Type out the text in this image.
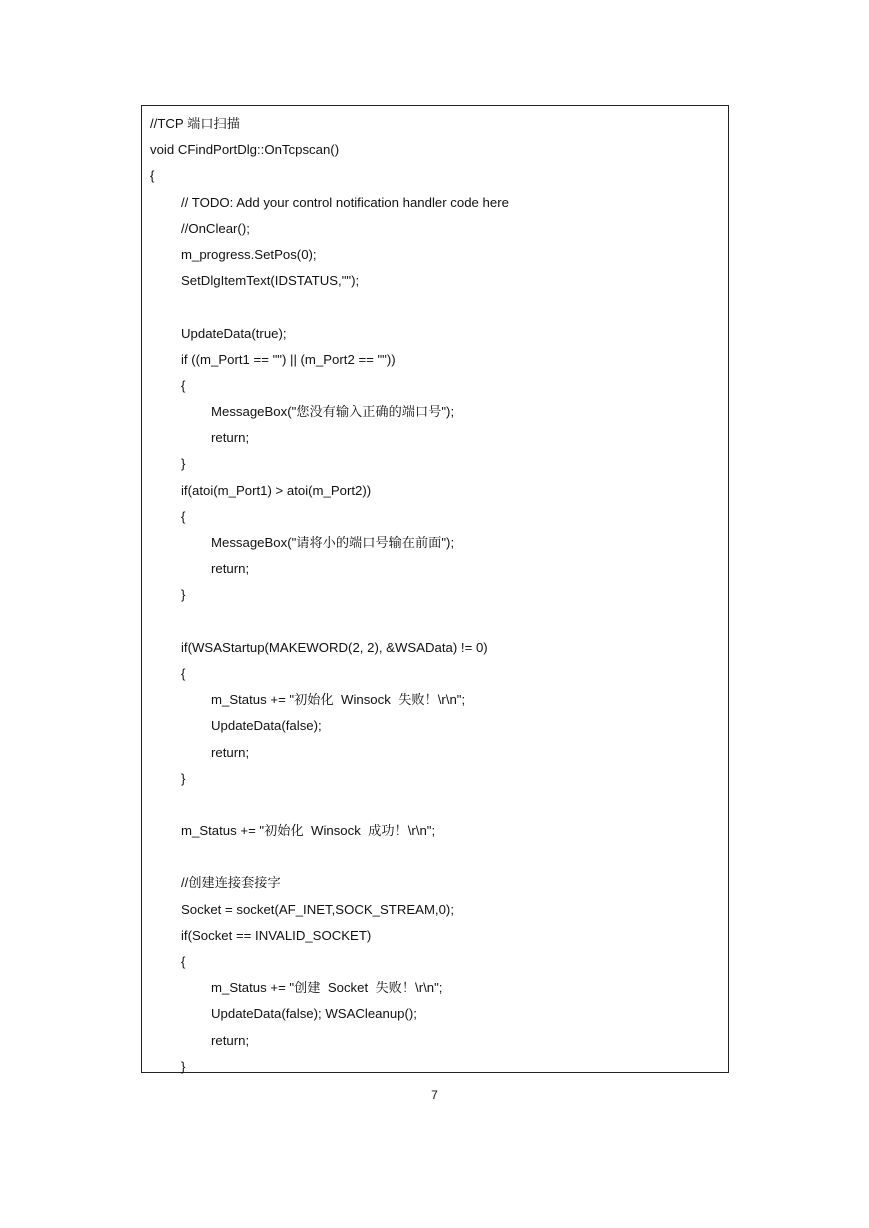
//TCP 端口扫描
void CFindPortDlg::OnTcpscan()
{
// TODO: Add your control notification handler code here
//OnClear();
m_progress.SetPos(0);
SetDlgItemText(IDSTATUS,"");
UpdateData(true);
if ((m_Port1 == "") || (m_Port2 == ""))
{
MessageBox("您没有输入正确的端口号");
return;
}
if(atoi(m_Port1) > atoi(m_Port2))
{
MessageBox("请将小的端口号输在前面");
return;
}
if(WSAStartup(MAKEWORD(2, 2), &WSAData) != 0)
{
m_Status += "初始化  Winsock  失败！\r\n";
UpdateData(false);
return;
}
m_Status += "初始化  Winsock  成功！\r\n";
//创建连接套接字
Socket = socket(AF_INET,SOCK_STREAM,0);
if(Socket == INVALID_SOCKET)
{
m_Status += "创建  Socket  失败！\r\n";
UpdateData(false); WSACleanup();
return;
}
7
